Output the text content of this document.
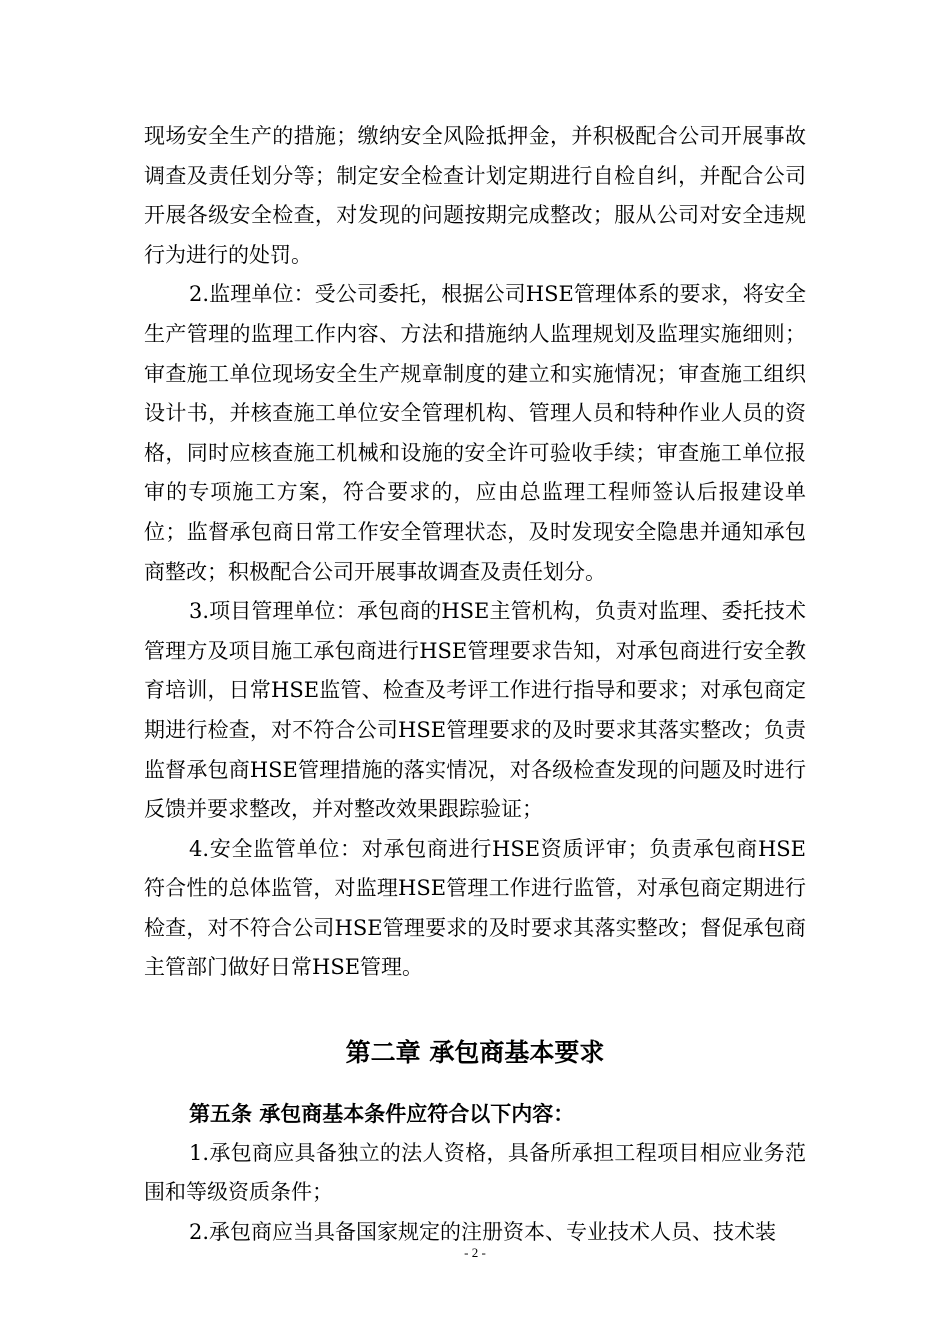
现场安全生产的措施；缴纳安全风险抵押金，并积极配合公司开展事故调查及责任划分等；制定安全检查计划定期进行自检自纠，并配合公司开展各级安全检查，对发现的问题按期完成整改；服从公司对安全违规行为进行的处罚。

2.监理单位：受公司委托，根据公司HSE管理体系的要求，将安全生产管理的监理工作内容、方法和措施纳人监理规划及监理实施细则；审查施工单位现场安全生产规章制度的建立和实施情况；审查施工组织设计书，并核查施工单位安全管理机构、管理人员和特种作业人员的资格，同时应核查施工机械和设施的安全许可验收手续；审查施工单位报审的专项施工方案，符合要求的，应由总监理工程师签认后报建设单位；监督承包商日常工作安全管理状态，及时发现安全隐患并通知承包商整改；积极配合公司开展事故调查及责任划分。

3.项目管理单位：承包商的HSE主管机构，负责对监理、委托技术管理方及项目施工承包商进行HSE管理要求告知，对承包商进行安全教育培训，日常HSE监管、检查及考评工作进行指导和要求；对承包商定期进行检查，对不符合公司HSE管理要求的及时要求其落实整改；负责监督承包商HSE管理措施的落实情况，对各级检查发现的问题及时进行反馈并要求整改，并对整改效果跟踪验证；

4.安全监管单位：对承包商进行HSE资质评审；负责承包商HSE符合性的总体监管，对监理HSE管理工作进行监管，对承包商定期进行检查，对不符合公司HSE管理要求的及时要求其落实整改；督促承包商主管部门做好日常HSE管理。

第二章 承包商基本要求

第五条 承包商基本条件应符合以下内容：

1.承包商应具备独立的法人资格，具备所承担工程项目相应业务范围和等级资质条件；

2.承包商应当具备国家规定的注册资本、专业技术人员、技术装

- 2 -
